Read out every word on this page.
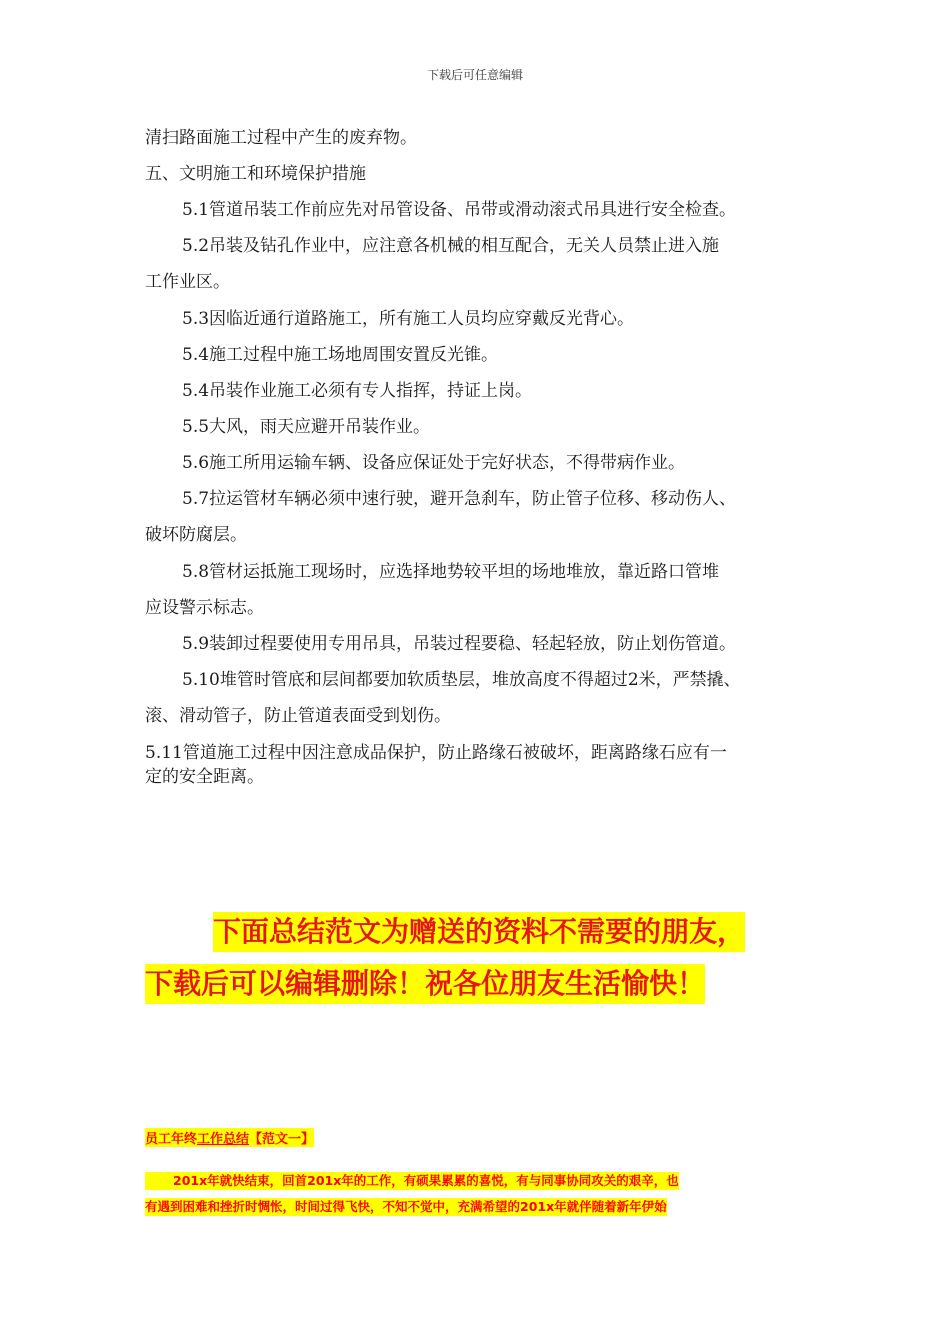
下载后可任意编辑
清扫路面施工过程中产生的废弃物。
五、文明施工和环境保护措施
5.1管道吊装工作前应先对吊管设备、吊带或滑动滚式吊具进行安全检查。
5.2吊装及钻孔作业中，应注意各机械的相互配合，无关人员禁止进入施
工作业区。
5.3因临近通行道路施工，所有施工人员均应穿戴反光背心。
5.4施工过程中施工场地周围安置反光锥。
5.4吊装作业施工必须有专人指挥，持证上岗。
5.5大风，雨天应避开吊装作业。
5.6施工所用运输车辆、设备应保证处于完好状态，不得带病作业。
5.7拉运管材车辆必须中速行驶，避开急刹车，防止管子位移、移动伤人、
破坏防腐层。
5.8管材运抵施工现场时，应选择地势较平坦的场地堆放，靠近路口管堆
应设警示标志。
5.9装卸过程要使用专用吊具，吊装过程要稳、轻起轻放，防止划伤管道。
5.10堆管时管底和层间都要加软质垫层，堆放高度不得超过2米，严禁撬、
滚、滑动管子，防止管道表面受到划伤。
5.11管道施工过程中因注意成品保护，防止路缘石被破坏，距离路缘石应有一
定的安全距离。
下面总结范文为赠送的资料不需要的朋友，
下载后可以编辑删除！祝各位朋友生活愉快！
员工年终工作总结【范文一】
201x年就快结束，回首201x年的工作，有硕果累累的喜悦，有与同事协同攻关的艰辛，也
有遇到困难和挫折时惆怅，时间过得飞快，不知不觉中，充满希望的201x年就伴随着新年伊始
